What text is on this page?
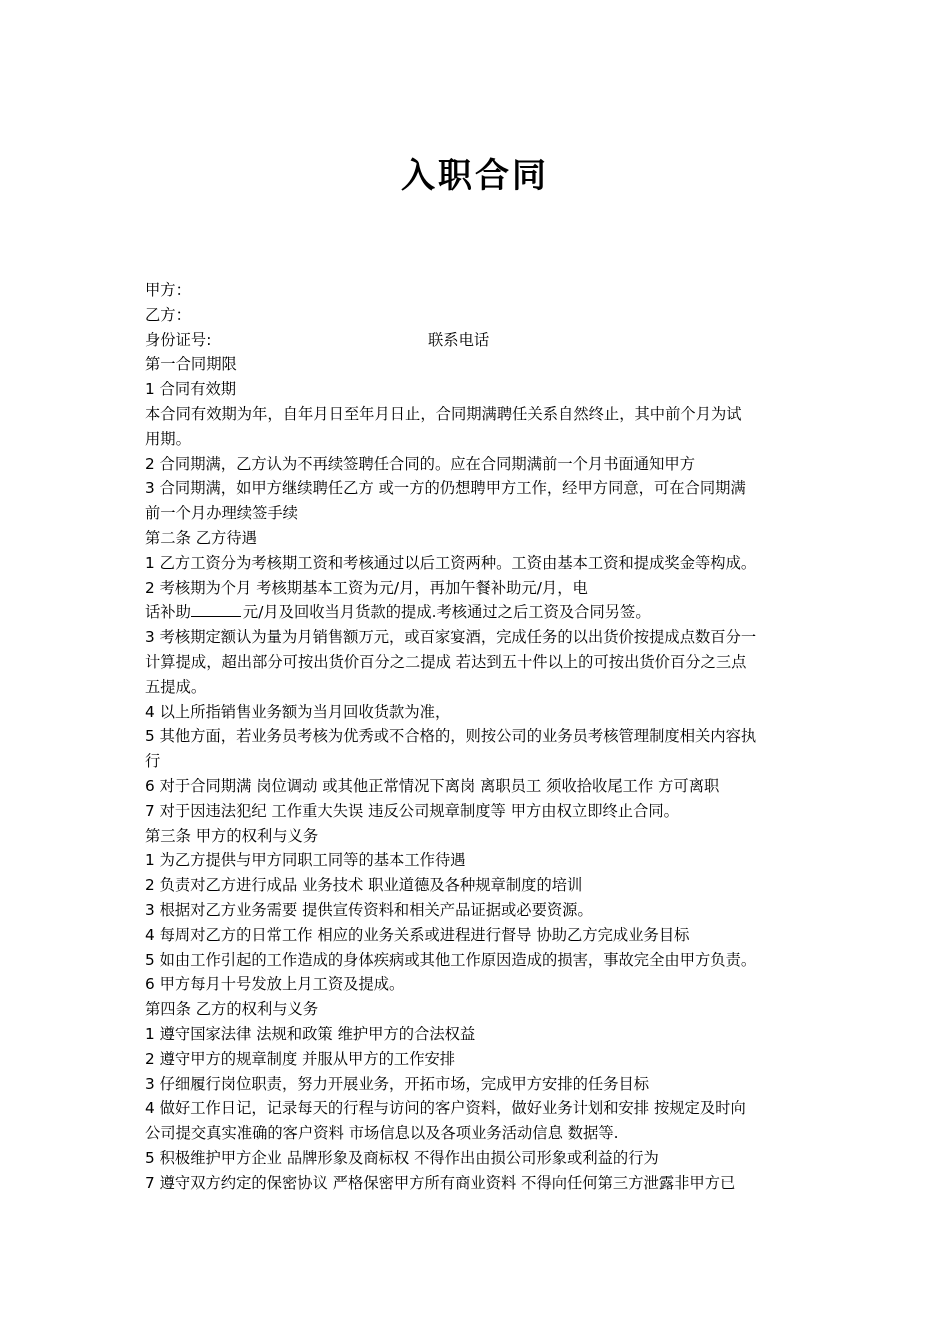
入职合同
甲方：
乙方：
身份证号:	联系电话
第一合同期限
1 合同有效期
本合同有效期为年，自年月日至年月日止，合同期满聘任关系自然终止，其中前个月为试
用期。
2 合同期满，乙方认为不再续签聘任合同的。应在合同期满前一个月书面通知甲方
3 合同期满，如甲方继续聘任乙方 或一方的仍想聘甲方工作，经甲方同意，可在合同期满
前一个月办理续签手续
第二条 乙方待遇
1 乙方工资分为考核期工资和考核通过以后工资两种。工资由基本工资和提成奖金等构成。
2 考核期为个月 考核期基本工资为元/月，再加午餐补助元/月，电
话补助	元/月及回收当月货款的提成.考核通过之后工资及合同另签。
3 考核期定额认为量为月销售额万元，或百家宴酒，完成任务的以出货价按提成点数百分一
计算提成，超出部分可按出货价百分之二提成 若达到五十件以上的可按出货价百分之三点
五提成。
4 以上所指销售业务额为当月回收货款为准，
5 其他方面，若业务员考核为优秀或不合格的，则按公司的业务员考核管理制度相关内容执
行
6 对于合同期满 岗位调动 或其他正常情况下离岗 离职员工 须收拾收尾工作 方可离职
7 对于因违法犯纪 工作重大失误 违反公司规章制度等 甲方由权立即终止合同。
第三条 甲方的权利与义务
1 为乙方提供与甲方同职工同等的基本工作待遇
2 负责对乙方进行成品 业务技术 职业道德及各种规章制度的培训
3 根据对乙方业务需要 提供宣传资料和相关产品证据或必要资源。
4 每周对乙方的日常工作 相应的业务关系或进程进行督导 协助乙方完成业务目标
5 如由工作引起的工作造成的身体疾病或其他工作原因造成的损害，事故完全由甲方负责。
6 甲方每月十号发放上月工资及提成。
第四条 乙方的权利与义务
1 遵守国家法律 法规和政策 维护甲方的合法权益
2 遵守甲方的规章制度 并服从甲方的工作安排
3 仔细履行岗位职责，努力开展业务，开拓市场，完成甲方安排的任务目标
4 做好工作日记，记录每天的行程与访问的客户资料，做好业务计划和安排 按规定及时向
公司提交真实准确的客户资料 市场信息以及各项业务活动信息 数据等.
5 积极维护甲方企业 品牌形象及商标权 不得作出由损公司形象或利益的行为
7 遵守双方约定的保密协议 严格保密甲方所有商业资料 不得向任何第三方泄露非甲方已
